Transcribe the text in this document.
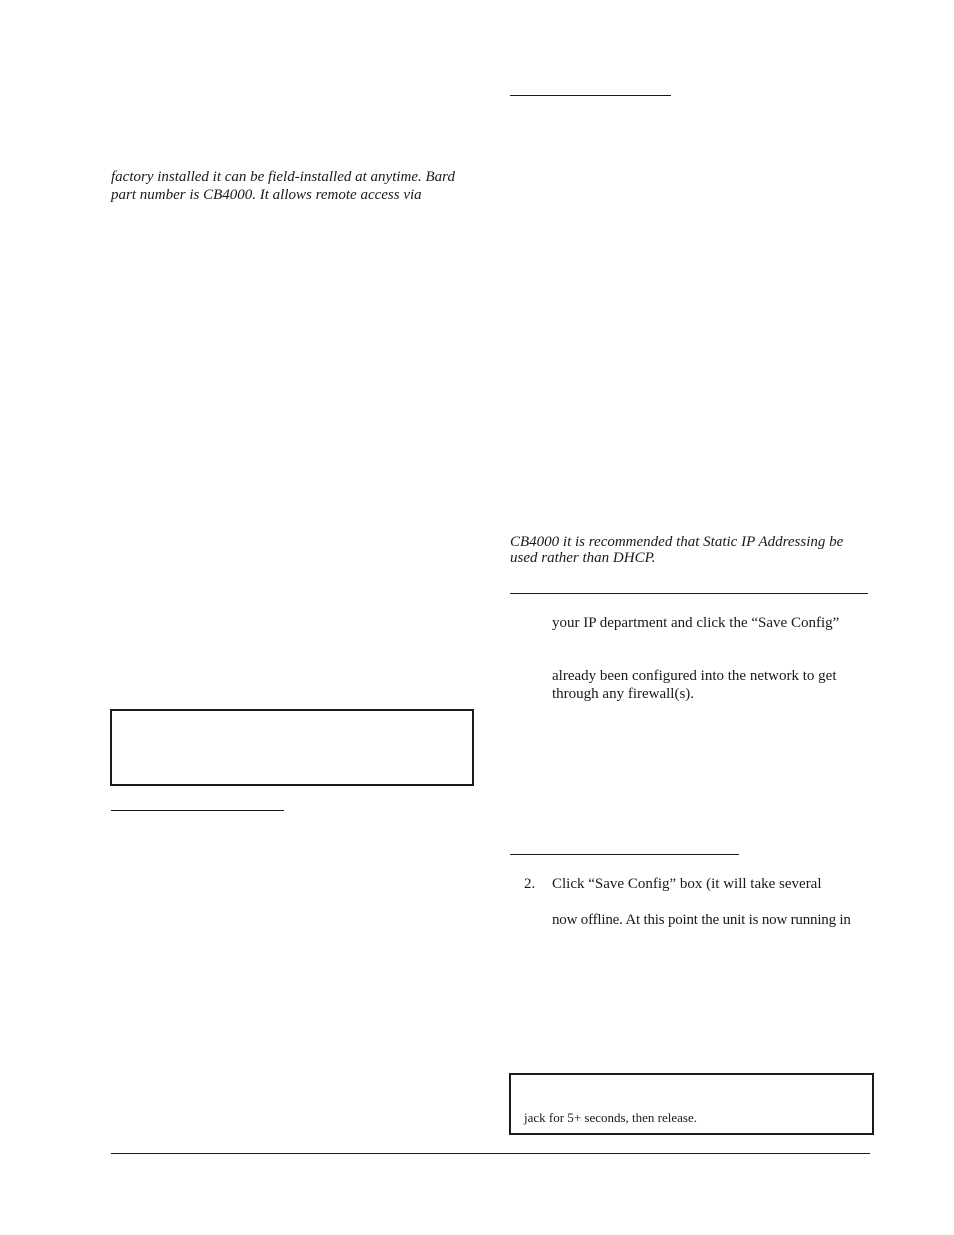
factory installed it can be field-installed at anytime. Bard
part number is CB4000. It allows remote access via
CB4000 it is recommended that Static IP Addressing be
used rather than DHCP.
your IP department and click the “Save Config”
already been configured into the network to get
through any firewall(s).
2. Click “Save Config” box (it will take several
now offline. At this point the unit is now running in
jack for 5+ seconds, then release.
